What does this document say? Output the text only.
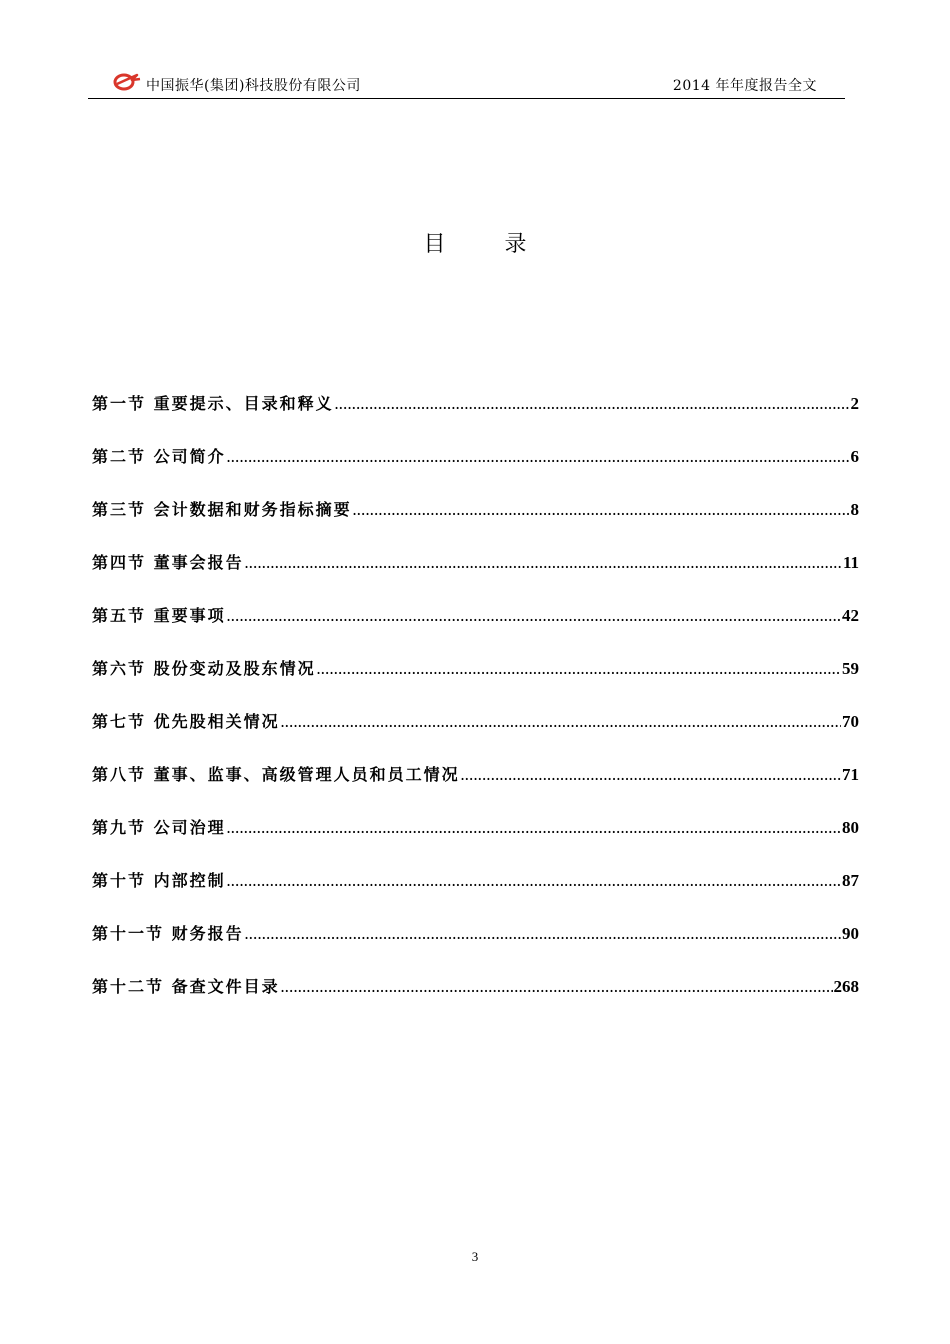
中国振华(集团)科技股份有限公司	2014 年年度报告全文
目 录
第一节 重要提示、目录和释义 .....	2
第二节 公司简介 .....	6
第三节 会计数据和财务指标摘要 .....	8
第四节 董事会报告 .....	11
第五节 重要事项 .....	42
第六节 股份变动及股东情况 .....	59
第七节 优先股相关情况 .....	70
第八节 董事、监事、高级管理人员和员工情况 .....	71
第九节 公司治理 .....	80
第十节 内部控制 .....	87
第十一节 财务报告 .....	90
第十二节 备查文件目录 .....	268
3
